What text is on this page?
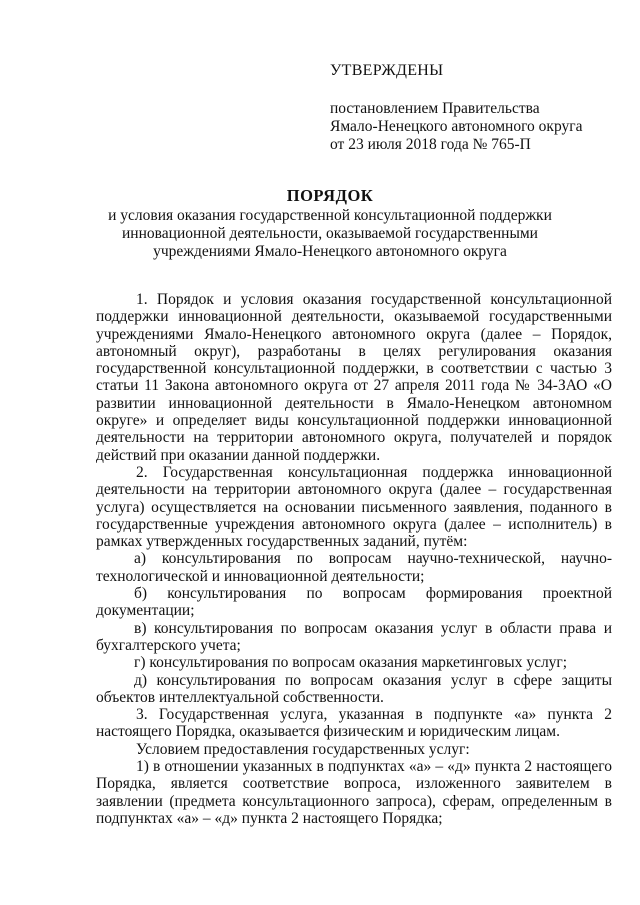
УТВЕРЖДЕНЫ
постановлением Правительства
Ямало-Ненецкого автономного округа
от 23 июля 2018 года № 765-П
ПОРЯДОК
и условия оказания государственной консультационной поддержки инновационной деятельности, оказываемой государственными учреждениями Ямало-Ненецкого автономного округа

1. Порядок и условия оказания государственной консультационной поддержки инновационной деятельности, оказываемой государственными учреждениями Ямало-Ненецкого автономного округа (далее – Порядок, автономный округ), разработаны в целях регулирования оказания государственной консультационной поддержки, в соответствии с частью 3 статьи 11 Закона автономного округа от 27 апреля 2011 года № 34-ЗАО «О развитии инновационной деятельности в Ямало-Ненецком автономном округе» и определяет виды консультационной поддержки инновационной деятельности на территории автономного округа, получателей и порядок действий при оказании данной поддержки.

2. Государственная консультационная поддержка инновационной деятельности на территории автономного округа (далее – государственная услуга) осуществляется на основании письменного заявления, поданного в государственные учреждения автономного округа (далее – исполнитель) в рамках утвержденных государственных заданий, путём:

а) консультирования по вопросам научно-технической, научно-технологической и инновационной деятельности;

б) консультирования по вопросам формирования проектной документации;

в) консультирования по вопросам оказания услуг в области права и бухгалтерского учета;

г) консультирования по вопросам оказания маркетинговых услуг;

д) консультирования по вопросам оказания услуг в сфере защиты объектов интеллектуальной собственности.

3. Государственная услуга, указанная в подпункте «а» пункта 2 настоящего Порядка, оказывается физическим и юридическим лицам.

Условием предоставления государственных услуг:

1) в отношении указанных в подпунктах «а» – «д» пункта 2 настоящего Порядка, является соответствие вопроса, изложенного заявителем в заявлении (предмета консультационного запроса), сферам, определенным в подпунктах «а» – «д» пункта 2 настоящего Порядка;
